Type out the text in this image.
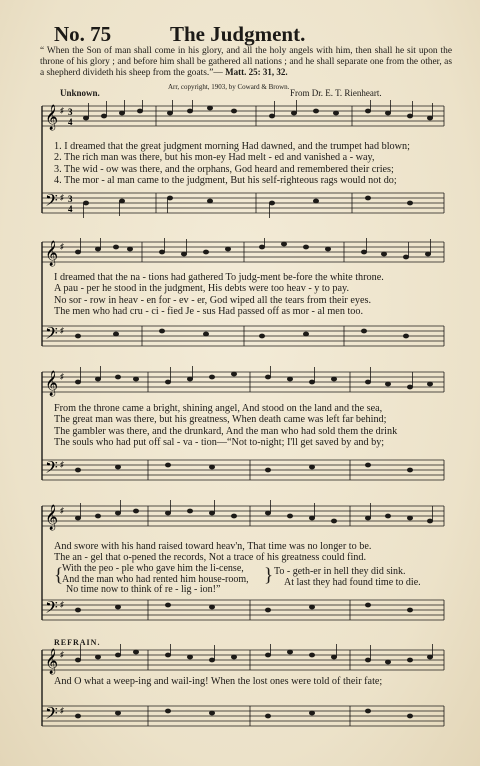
No. 75	The Judgment.
“ When the Son of man shall come in his glory, and all the holy angels with him, then shall he sit upon the throne of his glory ; and before him shall be gathered all nations ; and he shall separate one from the other, as a shepherd divideth his sheep from the goats.”— Matt. 25: 31, 32.
Arr, copyright, 1903, by Coward & Brown.
Unknown.	From Dr. E. T. Rienheart.
𝄞
𝄢
♯
♯
3
4
3
4
1. I dreamed that the great judgment morning Had dawned, and the trumpet had blown;
2. The rich man was there, but his mon-ey Had melt - ed and vanished a - way,
3. The wid - ow was there, and the orphans, God heard and remembered their cries;
4. The mor - al man came to the judgment, But his self-righteous rags would not do;
𝄞
𝄢
♯
♯
I dreamed that the na - tions had gathered To judg-ment be-fore the white throne.
A pau - per he stood in the judgment, His debts were too heav - y to pay.
No sor - row in heav - en for - ev - er, God wiped all the tears from their eyes.
The men who had cru - ci - fied Je - sus Had passed off as mor - al men too.
𝄞
𝄢
♯
♯
From the throne came a bright, shining angel, And stood on the land and the sea,
The great man was there, but his greatness, When death came was left far behind;
The gambler was there, and the drunkard, And the man who had sold them the drink
The souls who had put off sal - va - tion—“Not to-night; I'll get saved by and by;
𝄞
𝄢
♯
♯
And swore with his hand raised toward heav'n, That time was no longer to be.
The an - gel that o-pened the records, Not a trace of his greatness could find.
{
With the peo - ple who gave him the li-cense,
And the man who had rented him house-room, } To - geth-er in hell they did sink.
At last they had found time to die.
No time now to think of re - lig - ion!”
REFRAIN.
𝄞
𝄢
♯
♯
And O what a weep-ing and wail-ing! When the lost ones were told of their fate;
